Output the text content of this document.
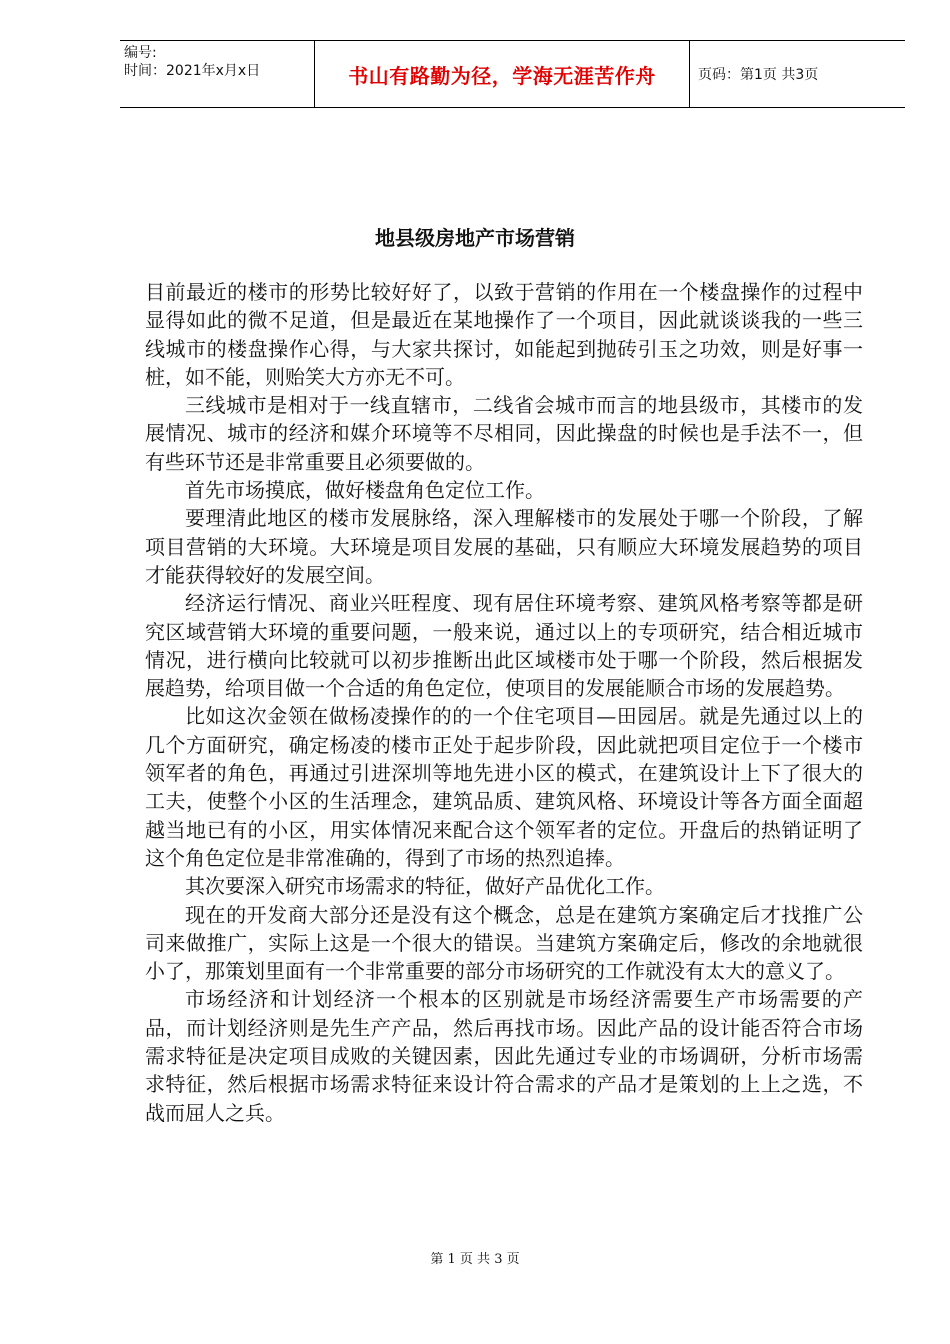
编号:
时间：2021年x月x日	书山有路勤为径，学海无涯苦作舟	页码：第1页 共3页
地县级房地产市场营销

目前最近的楼市的形势比较好好了，以致于营销的作用在一个楼盘操作的过程中显得如此的微不足道，但是最近在某地操作了一个项目，因此就谈谈我的一些三线城市的楼盘操作心得，与大家共探讨，如能起到抛砖引玉之功效，则是好事一桩，如不能，则贻笑大方亦无不可。

三线城市是相对于一线直辖市，二线省会城市而言的地县级市，其楼市的发展情况、城市的经济和媒介环境等不尽相同，因此操盘的时候也是手法不一，但有些环节还是非常重要且必须要做的。

首先市场摸底，做好楼盘角色定位工作。

要理清此地区的楼市发展脉络，深入理解楼市的发展处于哪一个阶段，了解项目营销的大环境。大环境是项目发展的基础，只有顺应大环境发展趋势的项目才能获得较好的发展空间。

经济运行情况、商业兴旺程度、现有居住环境考察、建筑风格考察等都是研究区域营销大环境的重要问题，一般来说，通过以上的专项研究，结合相近城市情况，进行横向比较就可以初步推断出此区域楼市处于哪一个阶段，然后根据发展趋势，给项目做一个合适的角色定位，使项目的发展能顺合市场的发展趋势。

比如这次金领在做杨凌操作的的一个住宅项目—田园居。就是先通过以上的几个方面研究，确定杨凌的楼市正处于起步阶段，因此就把项目定位于一个楼市领军者的角色，再通过引进深圳等地先进小区的模式，在建筑设计上下了很大的工夫，使整个小区的生活理念，建筑品质、建筑风格、环境设计等各方面全面超越当地已有的小区，用实体情况来配合这个领军者的定位。开盘后的热销证明了这个角色定位是非常准确的，得到了市场的热烈追捧。

其次要深入研究市场需求的特征，做好产品优化工作。

现在的开发商大部分还是没有这个概念，总是在建筑方案确定后才找推广公司来做推广，实际上这是一个很大的错误。当建筑方案确定后，修改的余地就很小了，那策划里面有一个非常重要的部分市场研究的工作就没有太大的意义了。

市场经济和计划经济一个根本的区别就是市场经济需要生产市场需要的产品，而计划经济则是先生产产品，然后再找市场。因此产品的设计能否符合市场需求特征是决定项目成败的关键因素，因此先通过专业的市场调研，分析市场需求特征，然后根据市场需求特征来设计符合需求的产品才是策划的上上之选，不战而屈人之兵。

第 1 页 共 3 页
